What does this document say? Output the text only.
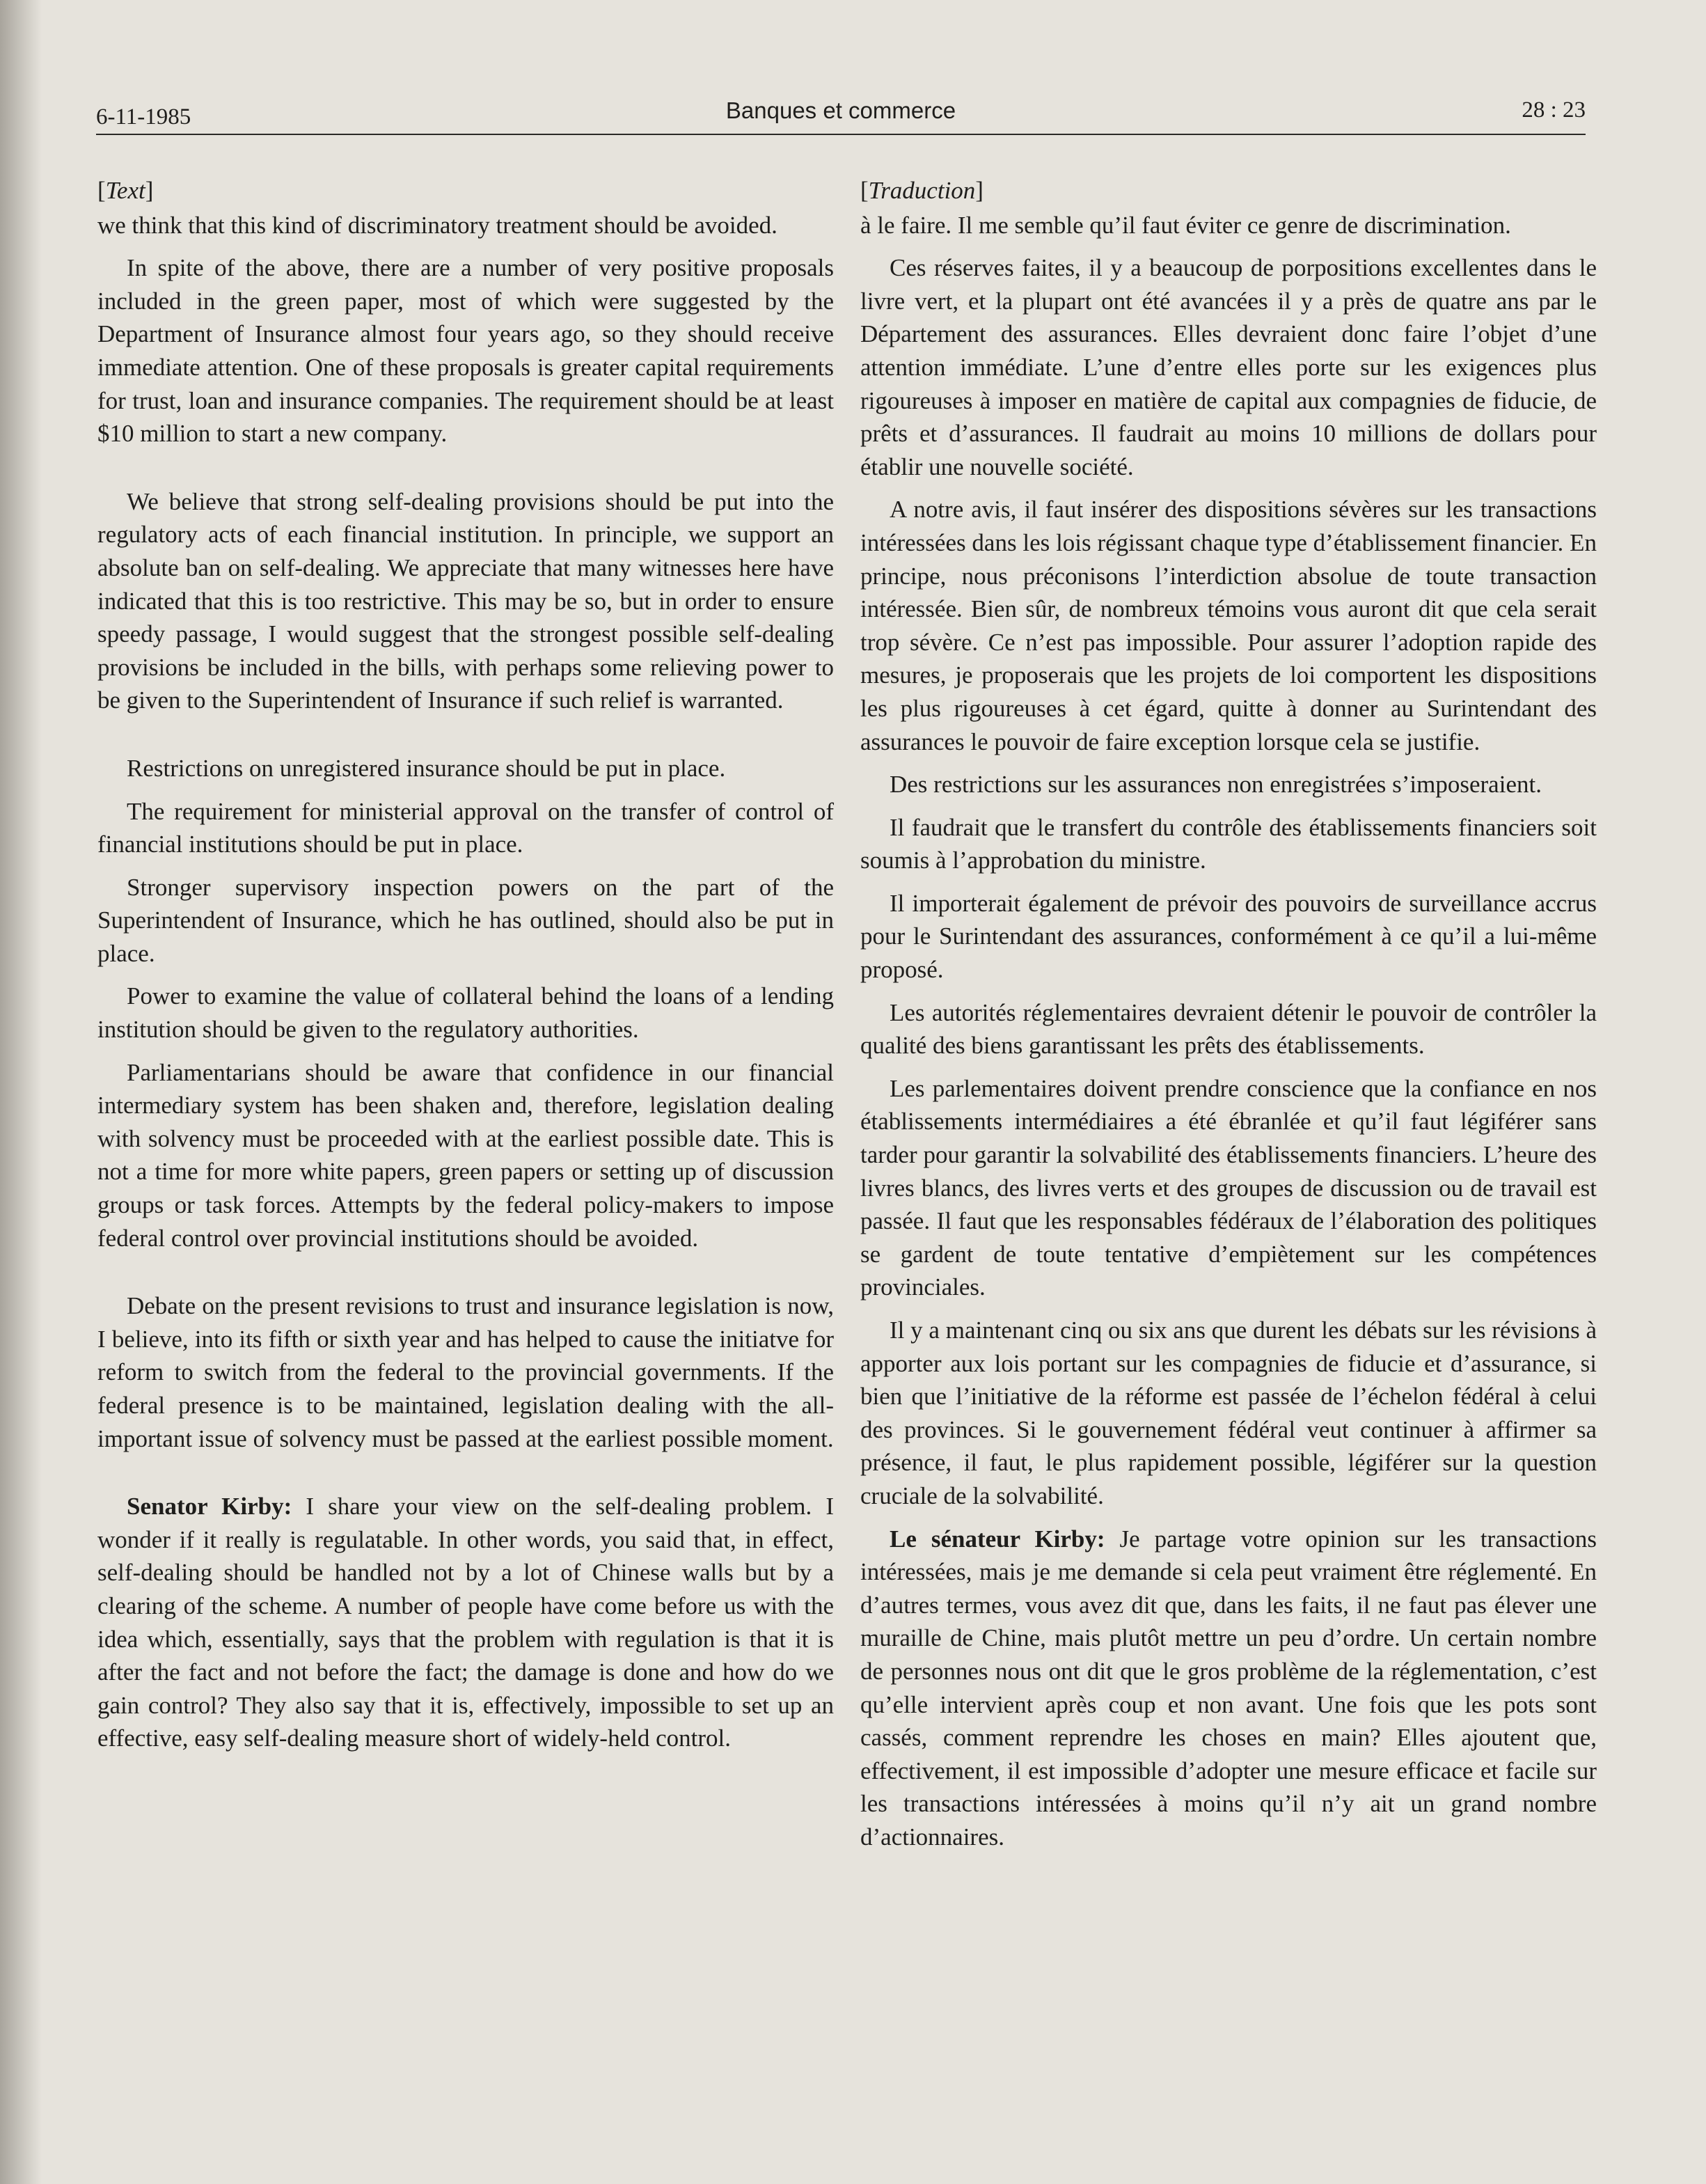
6-11-1985	Banques et commerce	28 : 23

[Text]

we think that this kind of discriminatory treatment should be avoided.

In spite of the above, there are a number of very positive proposals included in the green paper, most of which were suggested by the Department of Insurance almost four years ago, so they should receive immediate attention. One of these proposals is greater capital requirements for trust, loan and insurance companies. The requirement should be at least $10 million to start a new company.

We believe that strong self-dealing provisions should be put into the regulatory acts of each financial institution. In principle, we support an absolute ban on self-dealing. We appreciate that many witnesses here have indicated that this is too restrictive. This may be so, but in order to ensure speedy passage, I would suggest that the strongest possible self-dealing provisions be included in the bills, with perhaps some relieving power to be given to the Superintendent of Insurance if such relief is warranted.

Restrictions on unregistered insurance should be put in place.

The requirement for ministerial approval on the transfer of control of financial institutions should be put in place.

Stronger supervisory inspection powers on the part of the Superintendent of Insurance, which he has outlined, should also be put in place.

Power to examine the value of collateral behind the loans of a lending institution should be given to the regulatory authorities.

Parliamentarians should be aware that confidence in our financial intermediary system has been shaken and, therefore, legislation dealing with solvency must be proceeded with at the earliest possible date. This is not a time for more white papers, green papers or setting up of discussion groups or task forces. Attempts by the federal policy-makers to impose federal control over provincial institutions should be avoided.

Debate on the present revisions to trust and insurance legislation is now, I believe, into its fifth or sixth year and has helped to cause the initiatve for reform to switch from the federal to the provincial governments. If the federal presence is to be maintained, legislation dealing with the all-important issue of solvency must be passed at the earliest possible moment.

Senator Kirby: I share your view on the self-dealing problem. I wonder if it really is regulatable. In other words, you said that, in effect, self-dealing should be handled not by a lot of Chinese walls but by a clearing of the scheme. A number of people have come before us with the idea which, essentially, says that the problem with regulation is that it is after the fact and not before the fact; the damage is done and how do we gain control? They also say that it is, effectively, impossible to set up an effective, easy self-dealing measure short of widely-held control.

[Traduction]

à le faire. Il me semble qu’il faut éviter ce genre de discrimination.

Ces réserves faites, il y a beaucoup de porpositions excellentes dans le livre vert, et la plupart ont été avancées il y a près de quatre ans par le Département des assurances. Elles devraient donc faire l’objet d’une attention immédiate. L’une d’entre elles porte sur les exigences plus rigoureuses à imposer en matière de capital aux compagnies de fiducie, de prêts et d’assurances. Il faudrait au moins 10 millions de dollars pour établir une nouvelle société.

A notre avis, il faut insérer des dispositions sévères sur les transactions intéressées dans les lois régissant chaque type d’établissement financier. En principe, nous préconisons l’interdiction absolue de toute transaction intéressée. Bien sûr, de nombreux témoins vous auront dit que cela serait trop sévère. Ce n’est pas impossible. Pour assurer l’adoption rapide des mesures, je proposerais que les projets de loi comportent les dispositions les plus rigoureuses à cet égard, quitte à donner au Surintendant des assurances le pouvoir de faire exception lorsque cela se justifie.

Des restrictions sur les assurances non enregistrées s’imposeraient.

Il faudrait que le transfert du contrôle des établissements financiers soit soumis à l’approbation du ministre.

Il importerait également de prévoir des pouvoirs de surveillance accrus pour le Surintendant des assurances, conformément à ce qu’il a lui-même proposé.

Les autorités réglementaires devraient détenir le pouvoir de contrôler la qualité des biens garantissant les prêts des établissements.

Les parlementaires doivent prendre conscience que la confiance en nos établissements intermédiaires a été ébranlée et qu’il faut légiférer sans tarder pour garantir la solvabilité des établissements financiers. L’heure des livres blancs, des livres verts et des groupes de discussion ou de travail est passée. Il faut que les responsables fédéraux de l’élaboration des politiques se gardent de toute tentative d’empiètement sur les compétences provinciales.

Il y a maintenant cinq ou six ans que durent les débats sur les révisions à apporter aux lois portant sur les compagnies de fiducie et d’assurance, si bien que l’initiative de la réforme est passée de l’échelon fédéral à celui des provinces. Si le gouvernement fédéral veut continuer à affirmer sa présence, il faut, le plus rapidement possible, légiférer sur la question cruciale de la solvabilité.

Le sénateur Kirby: Je partage votre opinion sur les transactions intéressées, mais je me demande si cela peut vraiment être réglementé. En d’autres termes, vous avez dit que, dans les faits, il ne faut pas élever une muraille de Chine, mais plutôt mettre un peu d’ordre. Un certain nombre de personnes nous ont dit que le gros problème de la réglementation, c’est qu’elle intervient après coup et non avant. Une fois que les pots sont cassés, comment reprendre les choses en main? Elles ajoutent que, effectivement, il est impossible d’adopter une mesure efficace et facile sur les transactions intéressées à moins qu’il n’y ait un grand nombre d’actionnaires.
